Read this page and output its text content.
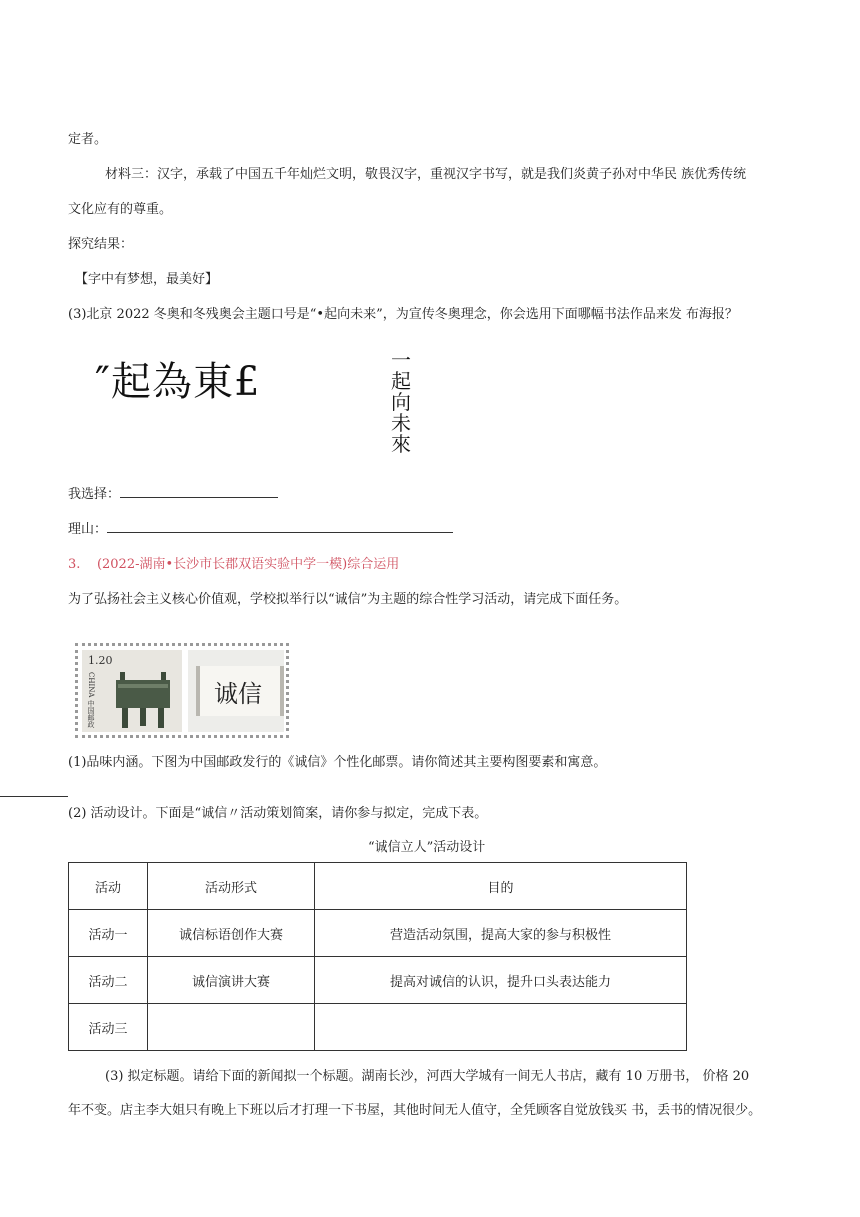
定者。
材料三：汉字，承载了中国五千年灿烂文明，敬畏汉字，重视汉字书写，就是我们炎黄子孙对中华民 族优秀传统
文化应有的尊重。
探究结果：
【字中有梦想，最美好】
(3)北京 2022 冬奥和冬残奥会主题口号是“•起向未来”，为宣传冬奥理念，你会选用下面哪幅书法作品来发 布海报？
″起為東£	一
起
向
未
來
我选择：
理山：
3. (2022-湖南•长沙市长郡双语实验中学一模)综合运用
为了弘扬社会主义核心价值观，学校拟举行以“诚信”为主题的综合性学习活动，请完成下面任务。
1.20
CHINA 中国邮政	诚信
(1)品味内涵。下图为中国邮政发行的《诚信》个性化邮票。请你简述其主要构图要素和寓意。
(2) 活动设计。下面是“诚信〃活动策划简案，请你参与拟定，完成下表。
“诚信立人”活动设计
活动	活动形式	目的
活动一	诚信标语创作大赛	营造活动氛围，提高大家的参与积极性
活动二	诚信演讲大赛	提高对诚信的认识，提升口头表达能力
活动三		
(3) 拟定标题。请给下面的新闻拟一个标题。湖南长沙，河西大学城有一间无人书店，藏有 10 万册书， 价格 20
年不变。店主李大姐只有晚上下班以后才打理一下书屋，其他时间无人值守，全凭顾客自觉放钱买 书，丢书的情况很少。
